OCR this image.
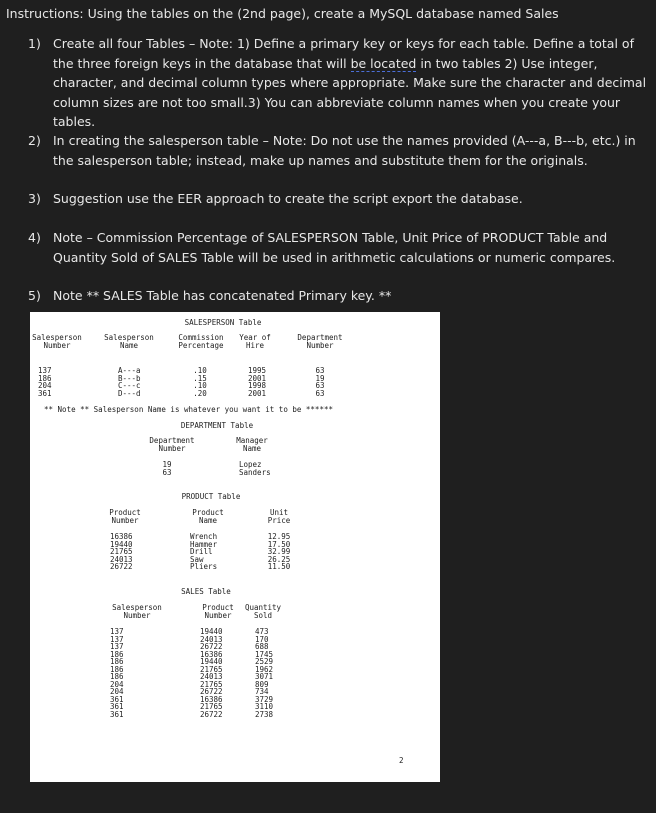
Instructions: Using the tables on the (2nd page), create a MySQL database named Sales
1) Create all four Tables – Note: 1) Define a primary key or keys for each table. Define a total of the three foreign keys in the database that will be located in two tables 2) Use integer, character, and decimal column types where appropriate. Make sure the character and decimal column sizes are not too small.3) You can abbreviate column names when you create your tables.
2) In creating the salesperson table – Note: Do not use the names provided (A---a, B---b, etc.) in the salesperson table; instead, make up names and substitute them for the originals.
3) Suggestion use the EER approach to create the script export the database.
4) Note – Commission Percentage of SALESPERSON Table, Unit Price of PRODUCT Table and Quantity Sold of SALES Table will be used in arithmetic calculations or numeric compares.
5) Note ** SALES Table has concatenated Primary key. **
SALESPERSON Table
Salesperson
Number
Salesperson
Name
Commission
Percentage
Year of
Hire
Department
Number
137
186
204
361
A---a
B---b
C---c
D---d
.10
.15
.10
.20
1995
2001
1998
2001
63
19
63
63
** Note ** Salesperson Name is whatever you want it to be ******
DEPARTMENT Table
Department
Number
Manager
Name
19
63
Lopez
Sanders
PRODUCT Table
Product
Number
Product
Name
Unit
Price
16386
19440
21765
24013
26722
Wrench
Hammer
Drill
Saw
Pliers
12.95
17.50
32.99
26.25
11.50
SALES Table
Salesperson
Number
Product
Number
Quantity
Sold
137
137
137
186
186
186
186
204
204
361
361
361
19440
24013
26722
16386
19440
21765
24013
21765
26722
16386
21765
26722
473
170
688
1745
2529
1962
3071
809
734
3729
3110
2738
2
